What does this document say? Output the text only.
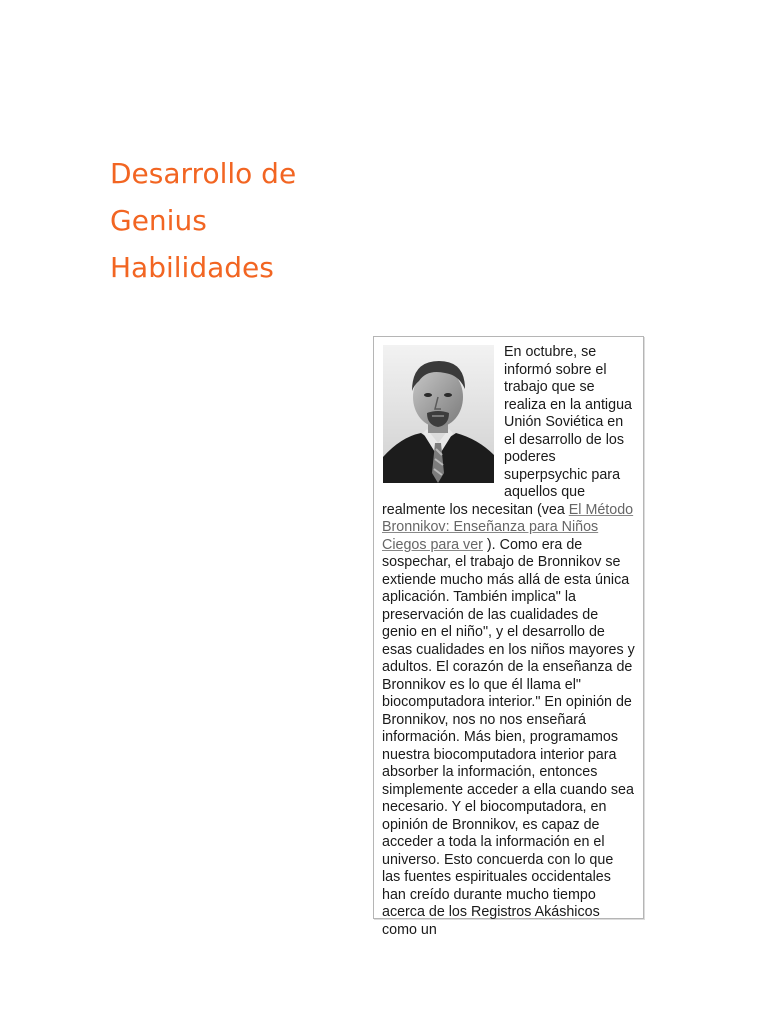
Desarrollo de
Genius
Habilidades

En octubre, se informó sobre el trabajo que se realiza en la antigua Unión Soviética en el desarrollo de los poderes superpsychic para aquellos que realmente los necesitan (vea El Método Bronnikov: Enseñanza para Niños Ciegos para ver ). Como era de sospechar, el trabajo de Bronnikov se extiende mucho más allá de esta única aplicación. También implica" la preservación de las cualidades de genio en el niño", y el desarrollo de esas cualidades en los niños mayores y adultos. El corazón de la enseñanza de Bronnikov es lo que él llama el" biocomputadora interior." En opinión de Bronnikov, nos no nos enseñará información. Más bien, programamos nuestra biocomputadora interior para absorber la información, entonces simplemente acceder a ella cuando sea necesario. Y el biocomputadora, en opinión de Bronnikov, es capaz de acceder a toda la información en el universo. Esto concuerda con lo que las fuentes espirituales occidentales han creído durante mucho tiempo acerca de los Registros Akáshicos como un
